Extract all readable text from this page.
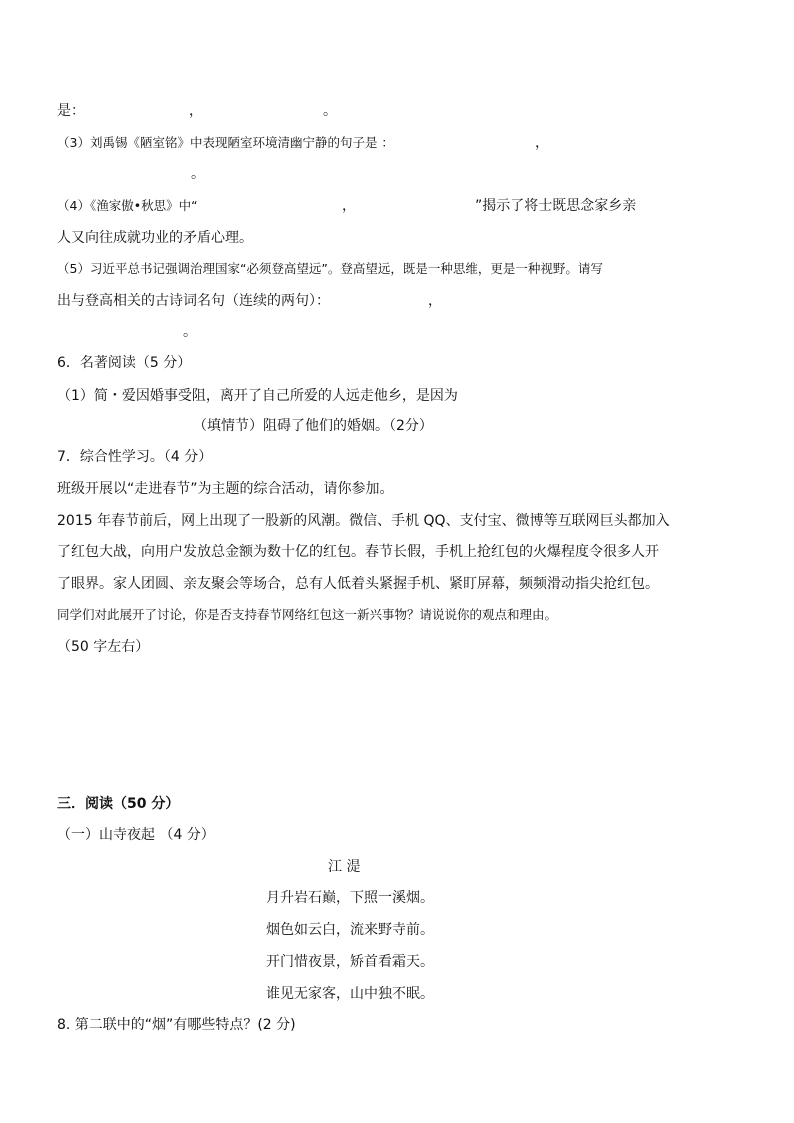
是：	，	。
（3）刘禹锡《陋室铭》中表现陋室环境清幽宁静的句子是 ：	，
。
（4）《渔家傲•秋思》中“	，	”揭示了将士既思念家乡亲
人又向往成就功业的矛盾心理。
（5）习近平总书记强调治理国家“必须登高望远”。登高望远，既是一种思维，更是一种视野。请写
出与登高相关的古诗词名句（连续的两句）：	，
。
6．名著阅读（5 分）
（1）简・爱因婚事受阻，离开了自己所爱的人远走他乡，是因为
（填情节）阻碍了他们的婚姻。（2分）
7．综合性学习。（4 分）
班级开展以“走进春节”为主题的综合活动，请你参加。
2015 年春节前后，网上出现了一股新的风潮。微信、手机 QQ、支付宝、微博等互联网巨头都加入
了红包大战，向用户发放总金额为数十亿的红包。春节长假，手机上抢红包的火爆程度令很多人开
了眼界。家人团圆、亲友聚会等场合，总有人低着头紧握手机、紧盯屏幕，频频滑动指尖抢红包。
同学们对此展开了讨论，你是否支持春节网络红包这一新兴事物？请说说你的观点和理由。
（50 字左右）
三．阅读（50 分）
（一）山寺夜起 （4 分）
江 湜
月升岩石巅，下照一溪烟。
烟色如云白，流来野寺前。
开门惜夜景，矫首看霜天。
谁见无家客，山中独不眠。
8. 第二联中的“烟”有哪些特点？(2 分)
